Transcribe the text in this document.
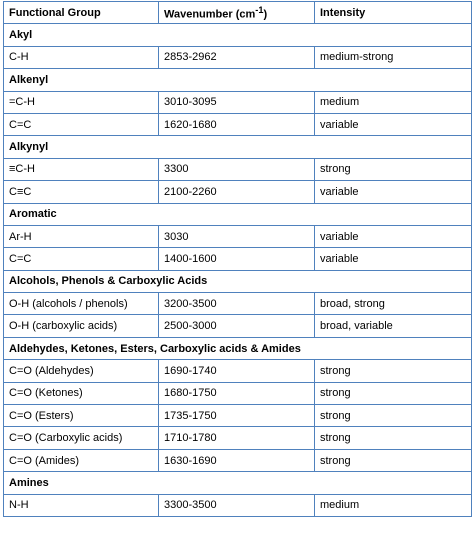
Functional Group	Wavenumber $(cm^{-1})$	Intensity
Akyl		
C-H	2853-2962	medium-strong
Alkenyl		
=C-H	3010-3095	medium
C=C	1620-1680	variable
Alkynyl		
≡C-H	3300	strong
C≡C	2100-2260	variable
Aromatic		
Ar-H	3030	variable
C=C	1400-1600	variable
Alcohols, Phenols & Carboxylic Acids		
O-H (alcohols / phenols)	3200-3500	broad, strong
O-H (carboxylic acids)	2500-3000	broad, variable
Aldehydes, Ketones, Esters, Carboxylic acids & Amides		
C=O (Aldehydes)	1690-1740	strong
C=O (Ketones)	1680-1750	strong
C=O (Esters)	1735-1750	strong
C=O (Carboxylic acids)	1710-1780	strong
C=O (Amides)	1630-1690	strong
Amines		
N-H	3300-3500	medium
